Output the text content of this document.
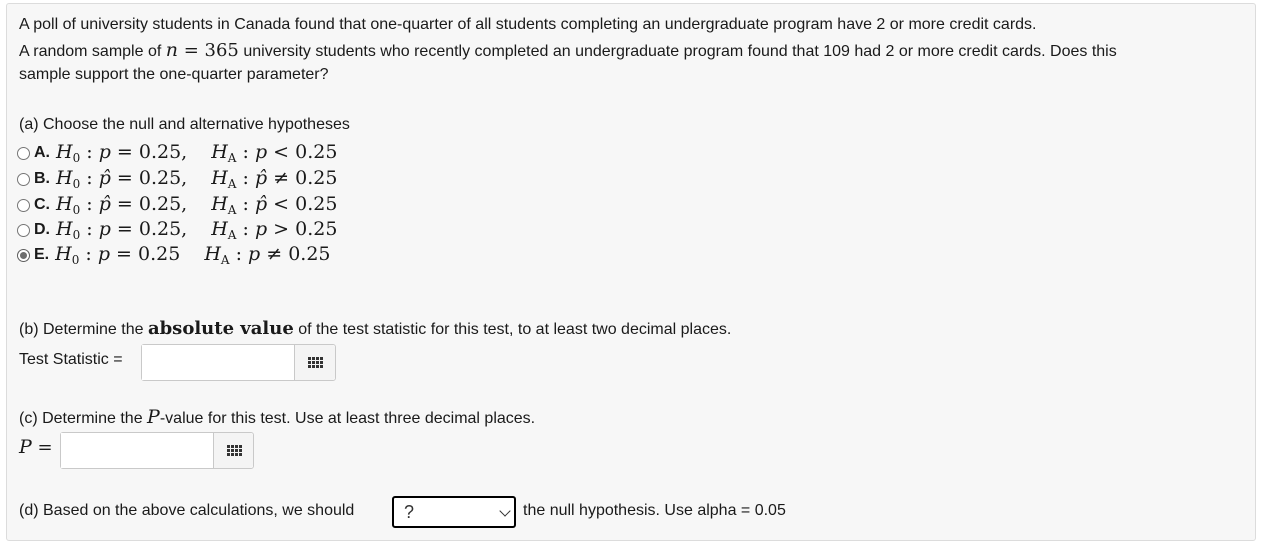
A poll of university students in Canada found that one-quarter of all students completing an undergraduate program have 2 or more credit cards.
A random sample of n = 365 university students who recently completed an undergraduate program found that 109 had 2 or more credit cards. Does this
sample support the one-quarter parameter?
(a) Choose the null and alternative hypotheses
A. $H_0$ : p = 0.25, $H_A$ : p < 0.25
B. $H_0$ : p̂ = 0.25, $H_A$ : p̂ ≠ 0.25
C. $H_0$ : p̂ = 0.25, $H_A$ : p̂ < 0.25
D. $H_0$ : p = 0.25, $H_A$ : p > 0.25
E. $H_0$ : p = 0.25 $H_A$ : p ≠ 0.25
(b) Determine the absolute value of the test statistic for this test, to at least two decimal places.
Test Statistic =
(c) Determine the P-value for this test. Use at least three decimal places.
P =
(d) Based on the above calculations, we should	?	the null hypothesis. Use alpha = 0.05
